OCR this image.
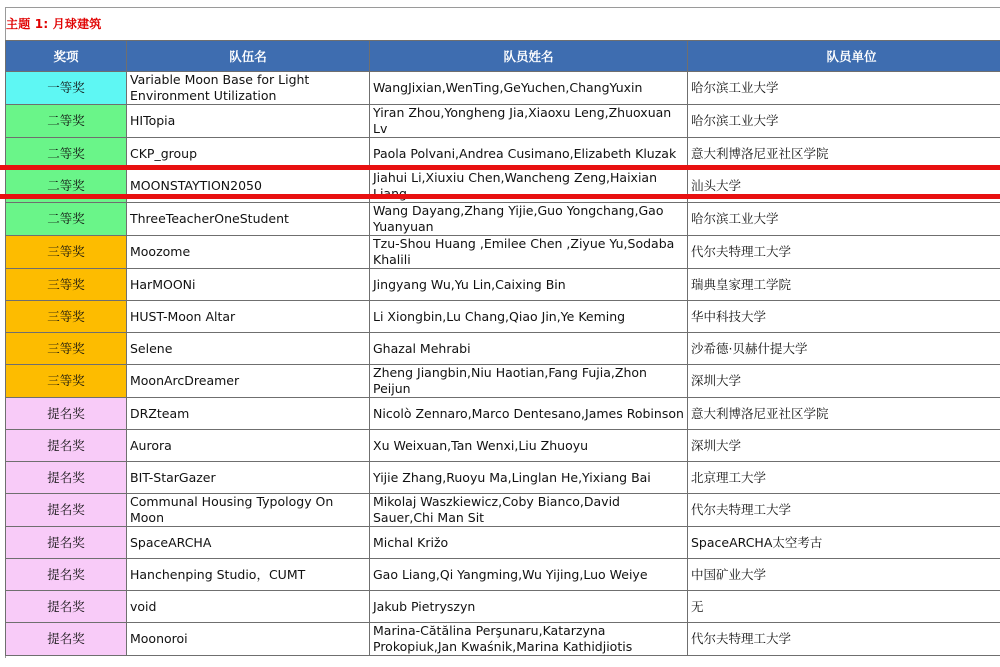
主题 1: 月球建筑
奖项	队伍名	队员姓名	队员单位
一等奖	Variable Moon Base for Light Environment Utilization	WangJixian,WenTing,GeYuchen,ChangYuxin	哈尔滨工业大学
二等奖	HITopia	Yiran Zhou,Yongheng Jia,Xiaoxu Leng,Zhuoxuan Lv	哈尔滨工业大学
二等奖	CKP_group	Paola Polvani,Andrea Cusimano,Elizabeth Kluzak	意大利博洛尼亚社区学院
二等奖	MOONSTAYTION2050	Jiahui Li,Xiuxiu Chen,Wancheng Zeng,Haixian Liang	汕头大学
二等奖	ThreeTeacherOneStudent	Wang Dayang,Zhang Yijie,Guo Yongchang,Gao Yuanyuan	哈尔滨工业大学
三等奖	Moozome	Tzu-Shou Huang ,Emilee Chen ,Ziyue Yu,Sodaba Khalili	代尔夫特理工大学
三等奖	HarMOONi	Jingyang Wu,Yu Lin,Caixing Bin	瑞典皇家理工学院
三等奖	HUST-Moon Altar	Li Xiongbin,Lu Chang,Qiao Jin,Ye Keming	华中科技大学
三等奖	Selene	Ghazal Mehrabi	沙希德·贝赫什提大学
三等奖	MoonArcDreamer	Zheng Jiangbin,Niu Haotian,Fang Fujia,Zhon Peijun	深圳大学
提名奖	DRZteam	Nicolò Zennaro,Marco Dentesano,James Robinson	意大利博洛尼亚社区学院
提名奖	Aurora	Xu Weixuan,Tan Wenxi,Liu Zhuoyu	深圳大学
提名奖	BIT-StarGazer	Yijie Zhang,Ruoyu Ma,Linglan He,Yixiang Bai	北京理工大学
提名奖	Communal Housing Typology On Moon	Mikolaj Waszkiewicz,Coby Bianco,David Sauer,Chi Man Sit	代尔夫特理工大学
提名奖	SpaceARCHA	Michal Križo	SpaceARCHA太空考古
提名奖	Hanchenping Studio，CUMT	Gao Liang,Qi Yangming,Wu Yijing,Luo Weiye	中国矿业大学
提名奖	void	Jakub Pietryszyn	无
提名奖	Moonoroi	Marina-Cătălina Perşunaru,Katarzyna Prokopiuk,Jan Kwaśnik,Marina Kathidjiotis	代尔夫特理工大学
